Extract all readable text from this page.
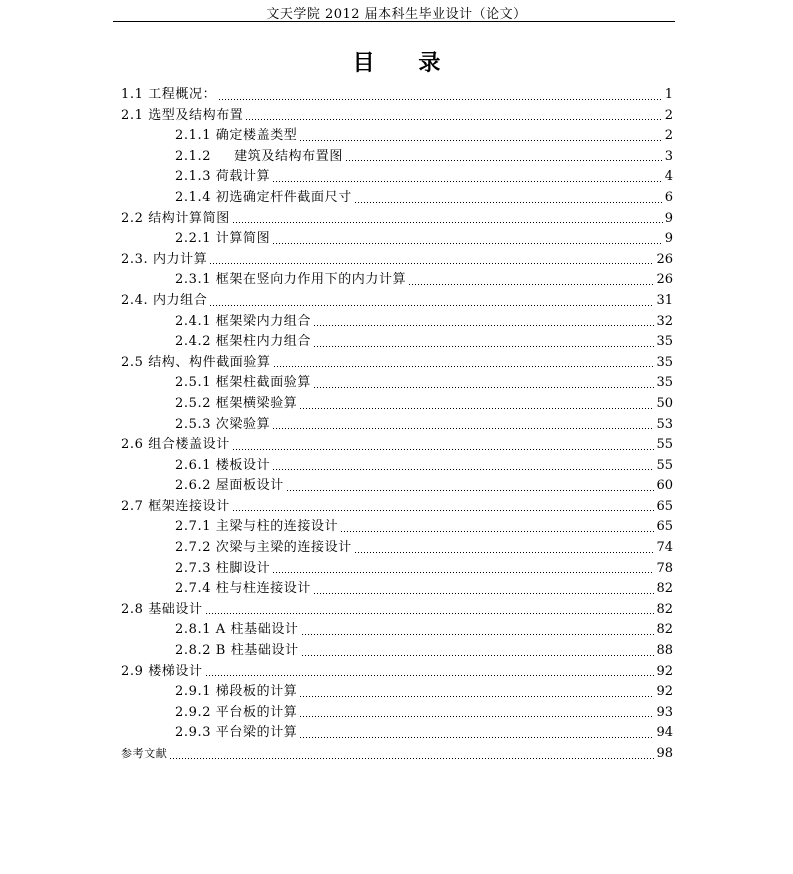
文天学院 2012 届本科生毕业设计（论文）
目 录
1.1 工程概况：	1
2.1 选型及结构布置	2
2.1.1 确定楼盖类型	2
2.1.2 　 建筑及结构布置图	3
2.1.3 荷载计算	4
2.1.4 初选确定杆件截面尺寸	6
2.2 结构计算简图	9
2.2.1 计算简图	9
2.3. 内力计算	26
2.3.1 框架在竖向力作用下的内力计算	26
2.4. 内力组合	31
2.4.1 框架梁内力组合	32
2.4.2 框架柱内力组合	35
2.5 结构、构件截面验算	35
2.5.1 框架柱截面验算	35
2.5.2 框架横梁验算	50
2.5.3 次梁验算	53
2.6 组合楼盖设计	55
2.6.1 楼板设计	55
2.6.2 屋面板设计	60
2.7 框架连接设计	65
2.7.1 主梁与柱的连接设计	65
2.7.2 次梁与主梁的连接设计	74
2.7.3 柱脚设计	78
2.7.4 柱与柱连接设计	82
2.8 基础设计	82
2.8.1 A 柱基础设计	82
2.8.2 B 柱基础设计	88
2.9 楼梯设计	92
2.9.1 梯段板的计算	92
2.9.2 平台板的计算	93
2.9.3 平台梁的计算	94
参考文献	98
